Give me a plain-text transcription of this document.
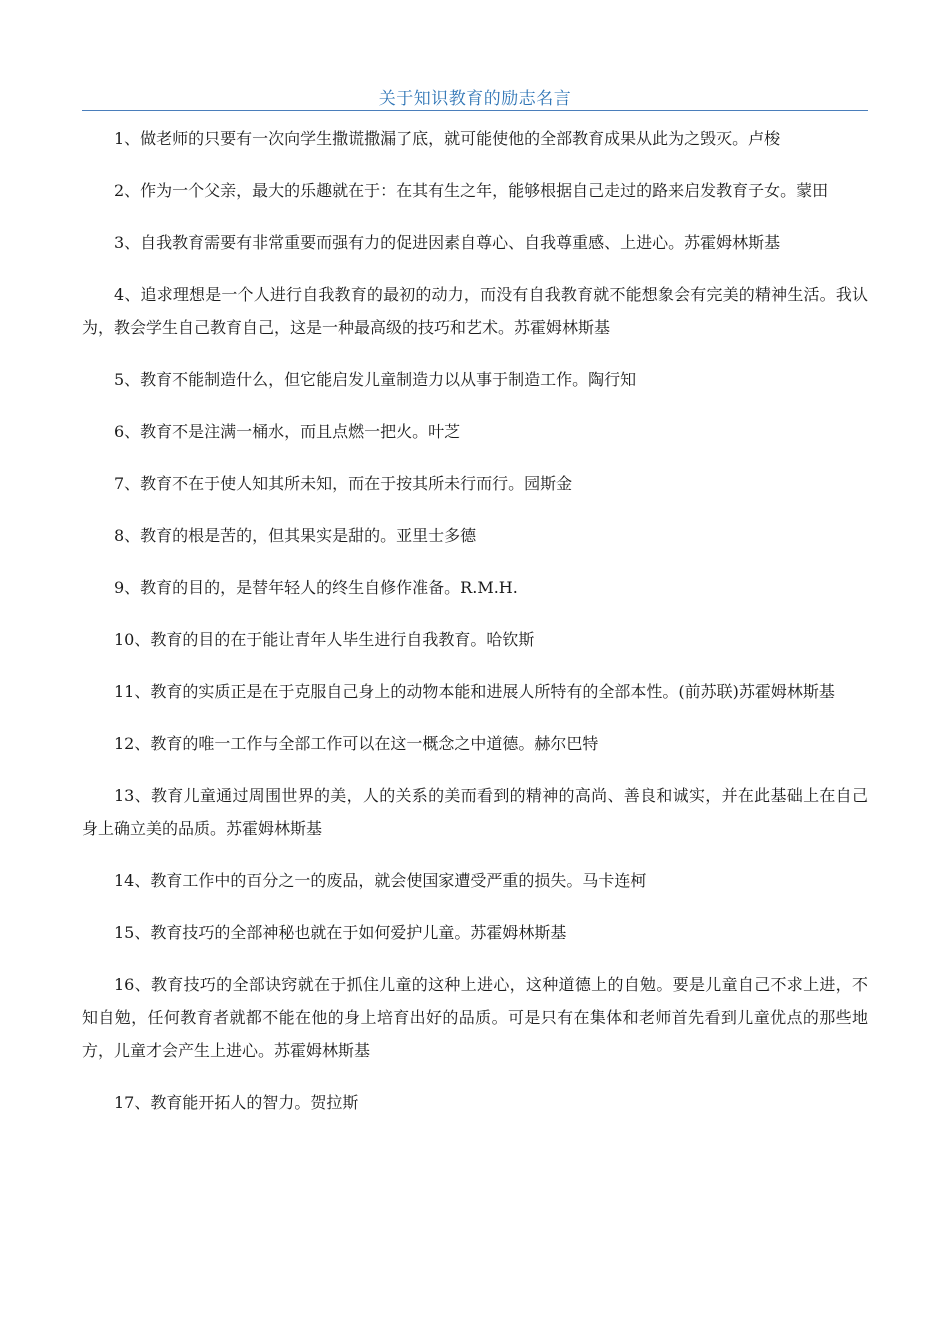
关于知识教育的励志名言

1、做老师的只要有一次向学生撒谎撒漏了底，就可能使他的全部教育成果从此为之毁灭。卢梭

2、作为一个父亲，最大的乐趣就在于：在其有生之年，能够根据自己走过的路来启发教育子女。蒙田

3、自我教育需要有非常重要而强有力的促进因素自尊心、自我尊重感、上进心。苏霍姆林斯基

4、追求理想是一个人进行自我教育的最初的动力，而没有自我教育就不能想象会有完美的精神生活。我认为，教会学生自己教育自己，这是一种最高级的技巧和艺术。苏霍姆林斯基

5、教育不能制造什么，但它能启发儿童制造力以从事于制造工作。陶行知

6、教育不是注满一桶水，而且点燃一把火。叶芝

7、教育不在于使人知其所未知，而在于按其所未行而行。园斯金

8、教育的根是苦的，但其果实是甜的。亚里士多德

9、教育的目的，是替年轻人的终生自修作准备。R.M.H.

10、教育的目的在于能让青年人毕生进行自我教育。哈钦斯

11、教育的实质正是在于克服自己身上的动物本能和进展人所特有的全部本性。(前苏联)苏霍姆林斯基

12、教育的唯一工作与全部工作可以在这一概念之中道德。赫尔巴特

13、教育儿童通过周围世界的美，人的关系的美而看到的精神的高尚、善良和诚实，并在此基础上在自己身上确立美的品质。苏霍姆林斯基

14、教育工作中的百分之一的废品，就会使国家遭受严重的损失。马卡连柯

15、教育技巧的全部神秘也就在于如何爱护儿童。苏霍姆林斯基

16、教育技巧的全部诀窍就在于抓住儿童的这种上进心，这种道德上的自勉。要是儿童自己不求上进，不知自勉，任何教育者就都不能在他的身上培育出好的品质。可是只有在集体和老师首先看到儿童优点的那些地方，儿童才会产生上进心。苏霍姆林斯基

17、教育能开拓人的智力。贺拉斯
